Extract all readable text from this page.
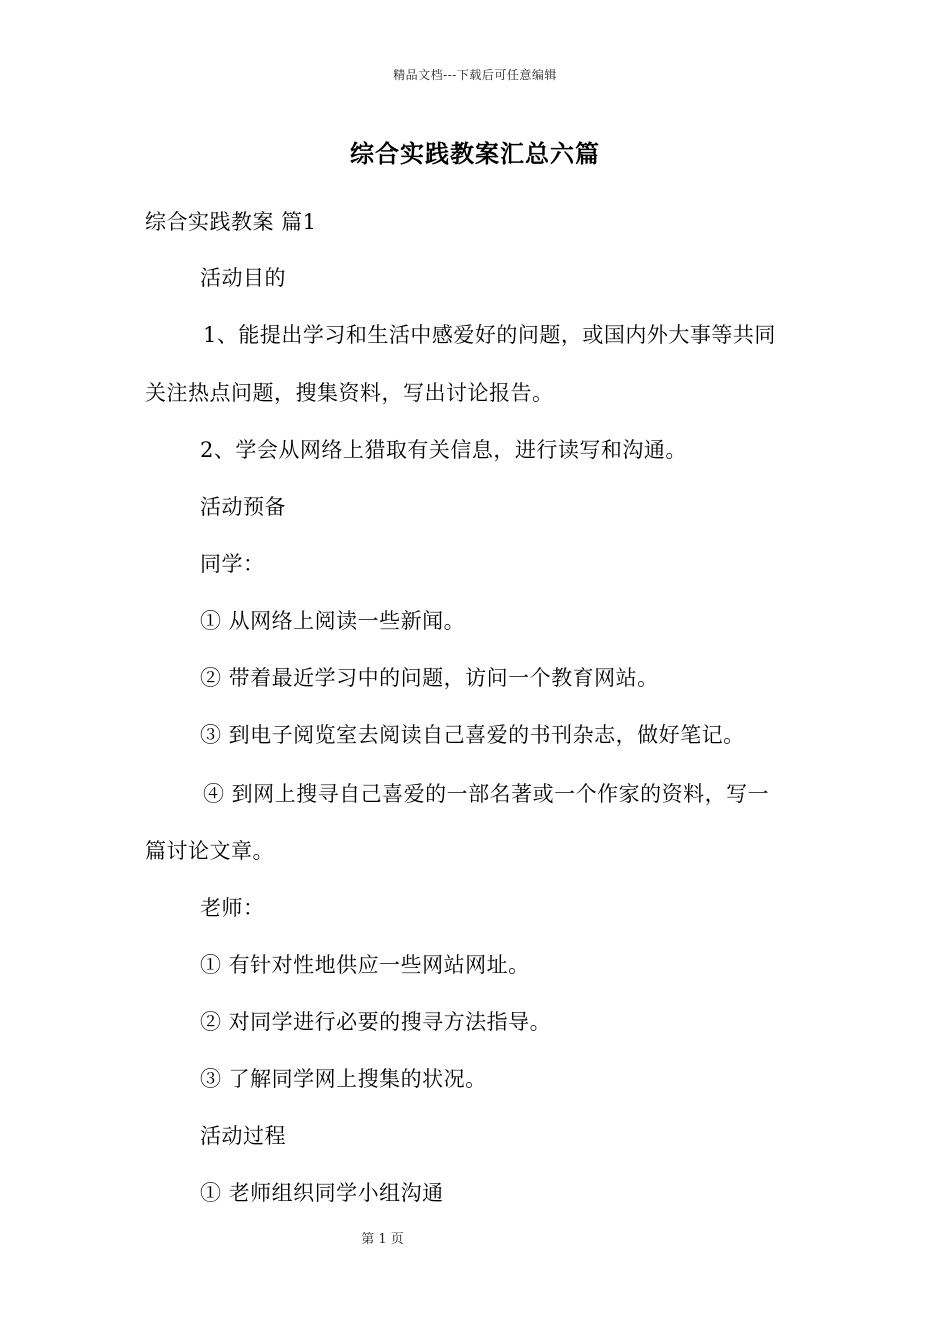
精品文档---下载后可任意编辑
综合实践教案汇总六篇
综合实践教案 篇1
活动目的
1、能提出学习和生活中感爱好的问题，或国内外大事等共同
关注热点问题，搜集资料，写出讨论报告。
2、学会从网络上猎取有关信息，进行读写和沟通。
活动预备
同学：
① 从网络上阅读一些新闻。
② 带着最近学习中的问题，访问一个教育网站。
③ 到电子阅览室去阅读自己喜爱的书刊杂志，做好笔记。
④ 到网上搜寻自己喜爱的一部名著或一个作家的资料，写一
篇讨论文章。
老师：
① 有针对性地供应一些网站网址。
② 对同学进行必要的搜寻方法指导。
③ 了解同学网上搜集的状况。
活动过程
① 老师组织同学小组沟通
第 1 页
